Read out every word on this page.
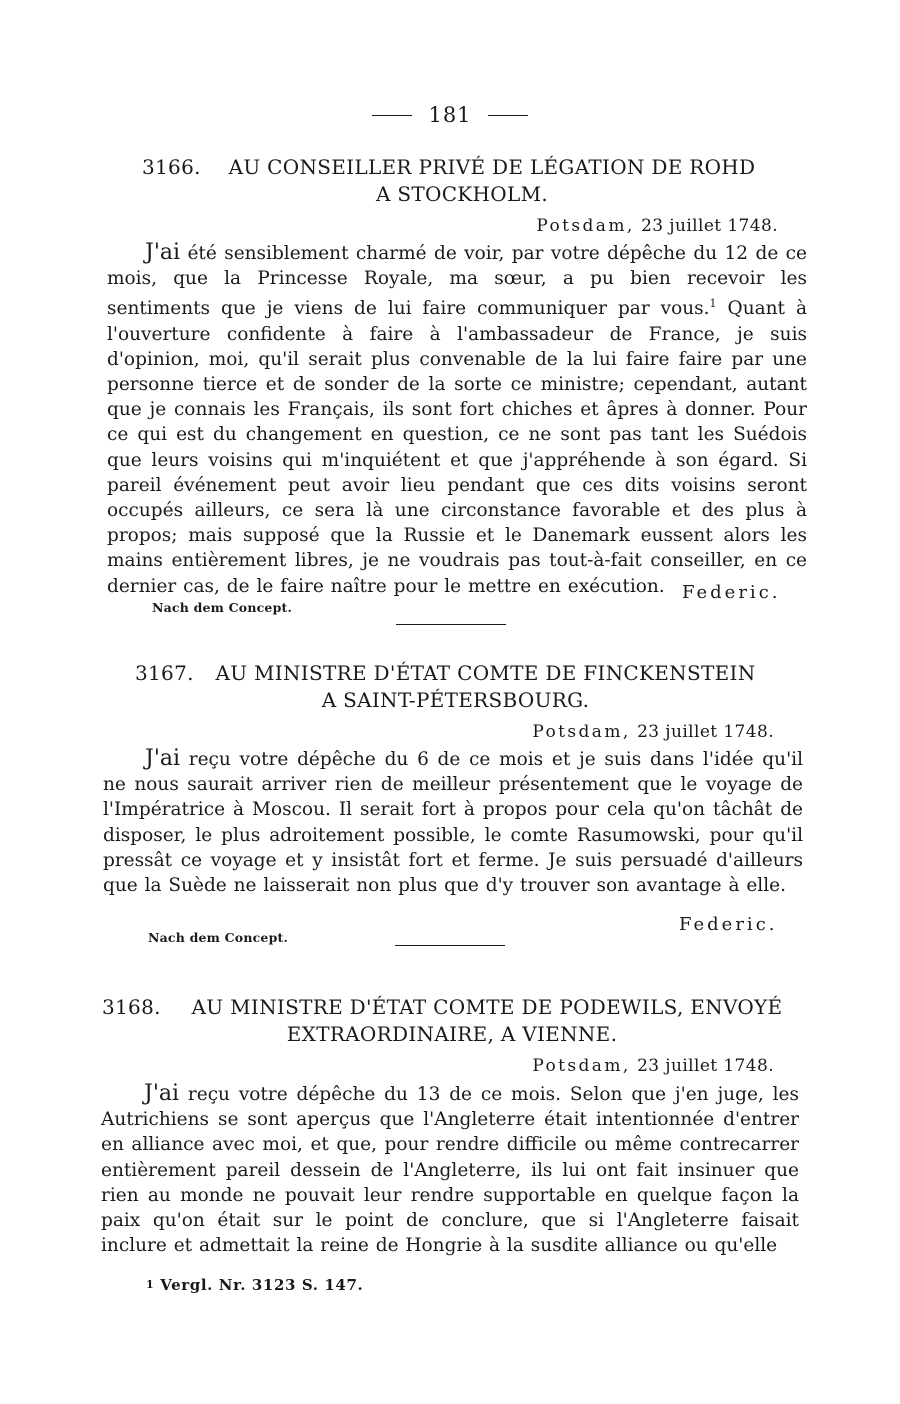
181
3166.	AU CONSEILLER PRIVÉ DE LÉGATION DE ROHD
A STOCKHOLM.
Potsdam, 23 juillet 1748.
J'ai été sensiblement charmé de voir, par votre dépêche du 12 de ce mois, que la Princesse Royale, ma sœur, a pu bien recevoir les sentiments que je viens de lui faire communiquer par vous.$^1$ Quant à l'ouverture confidente à faire à l'ambassadeur de France, je suis d'opinion, moi, qu'il serait plus convenable de la lui faire faire par une personne tierce et de sonder de la sorte ce ministre; cependant, autant que je connais les Français, ils sont fort chiches et âpres à donner. Pour ce qui est du changement en question, ce ne sont pas tant les Suédois que leurs voisins qui m'inquiétent et que j'appréhende à son égard. Si pareil événement peut avoir lieu pendant que ces dits voisins seront occupés ailleurs, ce sera là une circonstance favorable et des plus à propos; mais supposé que la Russie et le Danemark eussent alors les mains entièrement libres, je ne voudrais pas tout-à-fait conseiller, en ce dernier cas, de le faire naître pour le mettre en exécution. Federic.
Nach dem Concept.
3167.	AU MINISTRE D'ÉTAT COMTE DE FINCKENSTEIN
A SAINT-PÉTERSBOURG.
Potsdam, 23 juillet 1748.
J'ai reçu votre dépêche du 6 de ce mois et je suis dans l'idée qu'il ne nous saurait arriver rien de meilleur présentement que le voyage de l'Impératrice à Moscou. Il serait fort à propos pour cela qu'on tâchât de disposer, le plus adroitement possible, le comte Rasumowski, pour qu'il pressât ce voyage et y insistât fort et ferme. Je suis persuadé d'ailleurs que la Suède ne laisserait non plus que d'y trouver son avantage à elle.
Federic.
Nach dem Concept.
3168.	AU MINISTRE D'ÉTAT COMTE DE PODEWILS, ENVOYÉ
EXTRAORDINAIRE, A VIENNE.
Potsdam, 23 juillet 1748.
J'ai reçu votre dépêche du 13 de ce mois. Selon que j'en juge, les Autrichiens se sont aperçus que l'Angleterre était intentionnée d'entrer en alliance avec moi, et que, pour rendre difficile ou même contrecarrer entièrement pareil dessein de l'Angleterre, ils lui ont fait insinuer que rien au monde ne pouvait leur rendre supportable en quelque façon la paix qu'on était sur le point de conclure, que si l'Angleterre faisait inclure et admettait la reine de Hongrie à la susdite alliance ou qu'elle
1 Vergl. Nr. 3123 S. 147.
